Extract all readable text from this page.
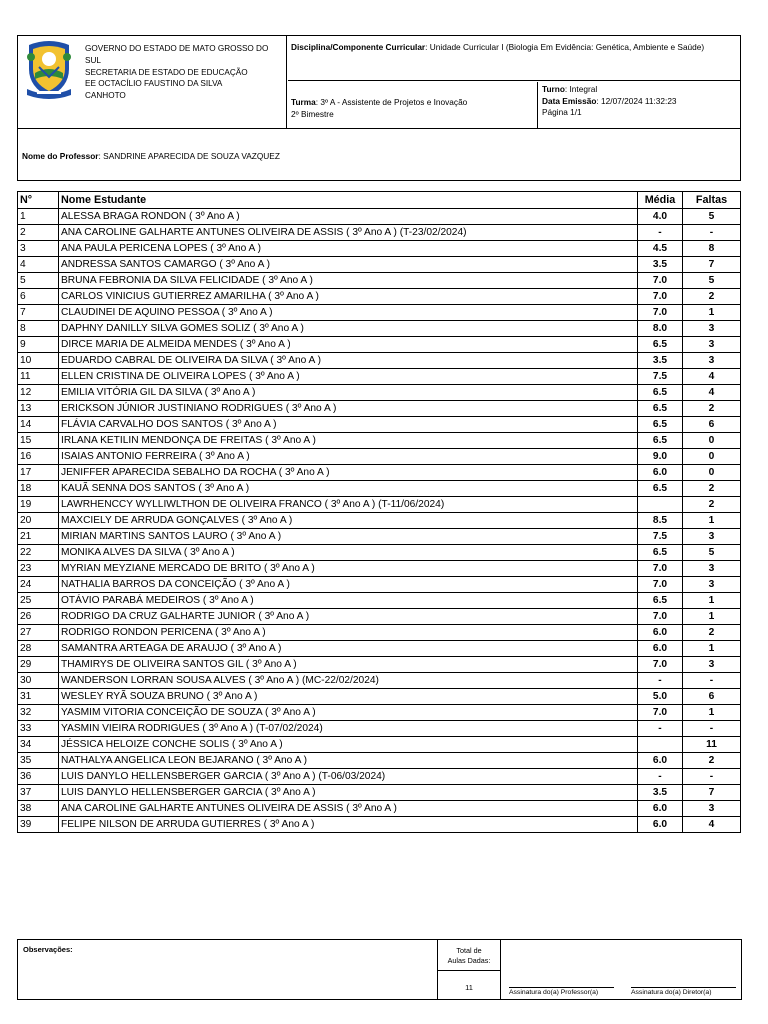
GOVERNO DO ESTADO DE MATO GROSSO DO SUL
SECRETARIA DE ESTADO DE EDUCAÇÃO
EE OCTACÍLIO FAUSTINO DA SILVA
CANHOTO
Disciplina/Componente Curricular: Unidade Curricular I (Biologia Em Evidência: Genética, Ambiente e Saúde)
Turma: 3º A - Assistente de Projetos e Inovação
2º Bimestre
Turno: Integral
Data Emissão: 12/07/2024 11:32:23
Página 1/1
Nome do Professor: SANDRINE APARECIDA DE SOUZA VAZQUEZ
N°	Nome Estudante	Média	Faltas
1	ALESSA BRAGA RONDON ( 3º Ano A )	4.0	5
2	ANA CAROLINE GALHARTE ANTUNES OLIVEIRA DE ASSIS ( 3º Ano A ) (T-23/02/2024)	-	-
3	ANA PAULA PERICENA LOPES ( 3º Ano A )	4.5	8
4	ANDRESSA SANTOS CAMARGO ( 3º Ano A )	3.5	7
5	BRUNA FEBRONIA DA SILVA FELICIDADE ( 3º Ano A )	7.0	5
6	CARLOS VINICIUS GUTIERREZ AMARILHA ( 3º Ano A )	7.0	2
7	CLAUDINEI DE AQUINO PESSOA ( 3º Ano A )	7.0	1
8	DAPHNY DANILLY SILVA GOMES SOLIZ ( 3º Ano A )	8.0	3
9	DIRCE MARIA DE ALMEIDA MENDES ( 3º Ano A )	6.5	3
10	EDUARDO CABRAL DE OLIVEIRA DA SILVA ( 3º Ano A )	3.5	3
11	ELLEN CRISTINA DE OLIVEIRA LOPES ( 3º Ano A )	7.5	4
12	EMILIA VITÓRIA GIL DA SILVA ( 3º Ano A )	6.5	4
13	ERICKSON JÚNIOR JUSTINIANO RODRIGUES ( 3º Ano A )	6.5	2
14	FLÁVIA CARVALHO DOS SANTOS ( 3º Ano A )	6.5	6
15	IRLANA KETILIN MENDONÇA DE FREITAS ( 3º Ano A )	6.5	0
16	ISAIAS ANTONIO FERREIRA ( 3º Ano A )	9.0	0
17	JENIFFER APARECIDA SEBALHO DA ROCHA ( 3º Ano A )	6.0	0
18	KAUÃ SENNA DOS SANTOS ( 3º Ano A )	6.5	2
19	LAWRHENCCY WYLLIWLTHON DE OLIVEIRA FRANCO ( 3º Ano A ) (T-11/06/2024)		2
20	MAXCIELY DE ARRUDA GONÇALVES ( 3º Ano A )	8.5	1
21	MIRIAN MARTINS SANTOS LAURO ( 3º Ano A )	7.5	3
22	MONIKA ALVES DA SILVA ( 3º Ano A )	6.5	5
23	MYRIAN MEYZIANE MERCADO DE BRITO ( 3º Ano A )	7.0	3
24	NATHALIA BARROS DA CONCEIÇÃO ( 3º Ano A )	7.0	3
25	OTÁVIO PARABÁ MEDEIROS ( 3º Ano A )	6.5	1
26	RODRIGO DA CRUZ GALHARTE JUNIOR ( 3º Ano A )	7.0	1
27	RODRIGO RONDON PERICENA ( 3º Ano A )	6.0	2
28	SAMANTRA ARTEAGA DE ARAUJO ( 3º Ano A )	6.0	1
29	THAMIRYS DE OLIVEIRA SANTOS GIL ( 3º Ano A )	7.0	3
30	WANDERSON LORRAN SOUSA ALVES ( 3º Ano A ) (MC-22/02/2024)	-	-
31	WESLEY RYÃ SOUZA BRUNO ( 3º Ano A )	5.0	6
32	YASMIM VITORIA CONCEIÇÃO DE SOUZA ( 3º Ano A )	7.0	1
33	YASMIN VIEIRA RODRIGUES ( 3º Ano A ) (T-07/02/2024)	-	-
34	JÉSSICA HELOIZE CONCHE SOLIS ( 3º Ano A )		11
35	NATHALYA ANGELICA LEON BEJARANO ( 3º Ano A )	6.0	2
36	LUIS DANYLO HELLENSBERGER GARCIA ( 3º Ano A ) (T-06/03/2024)	-	-
37	LUIS DANYLO HELLENSBERGER GARCIA ( 3º Ano A )	3.5	7
38	ANA CAROLINE GALHARTE ANTUNES OLIVEIRA DE ASSIS ( 3º Ano A )	6.0	3
39	FELIPE NILSON DE ARRUDA GUTIERRES ( 3º Ano A )	6.0	4
Observações:	Total de
Aulas Dadas:
11
Assinatura do(a) Professor(a)	Assinatura do(a) Diretor(a)
